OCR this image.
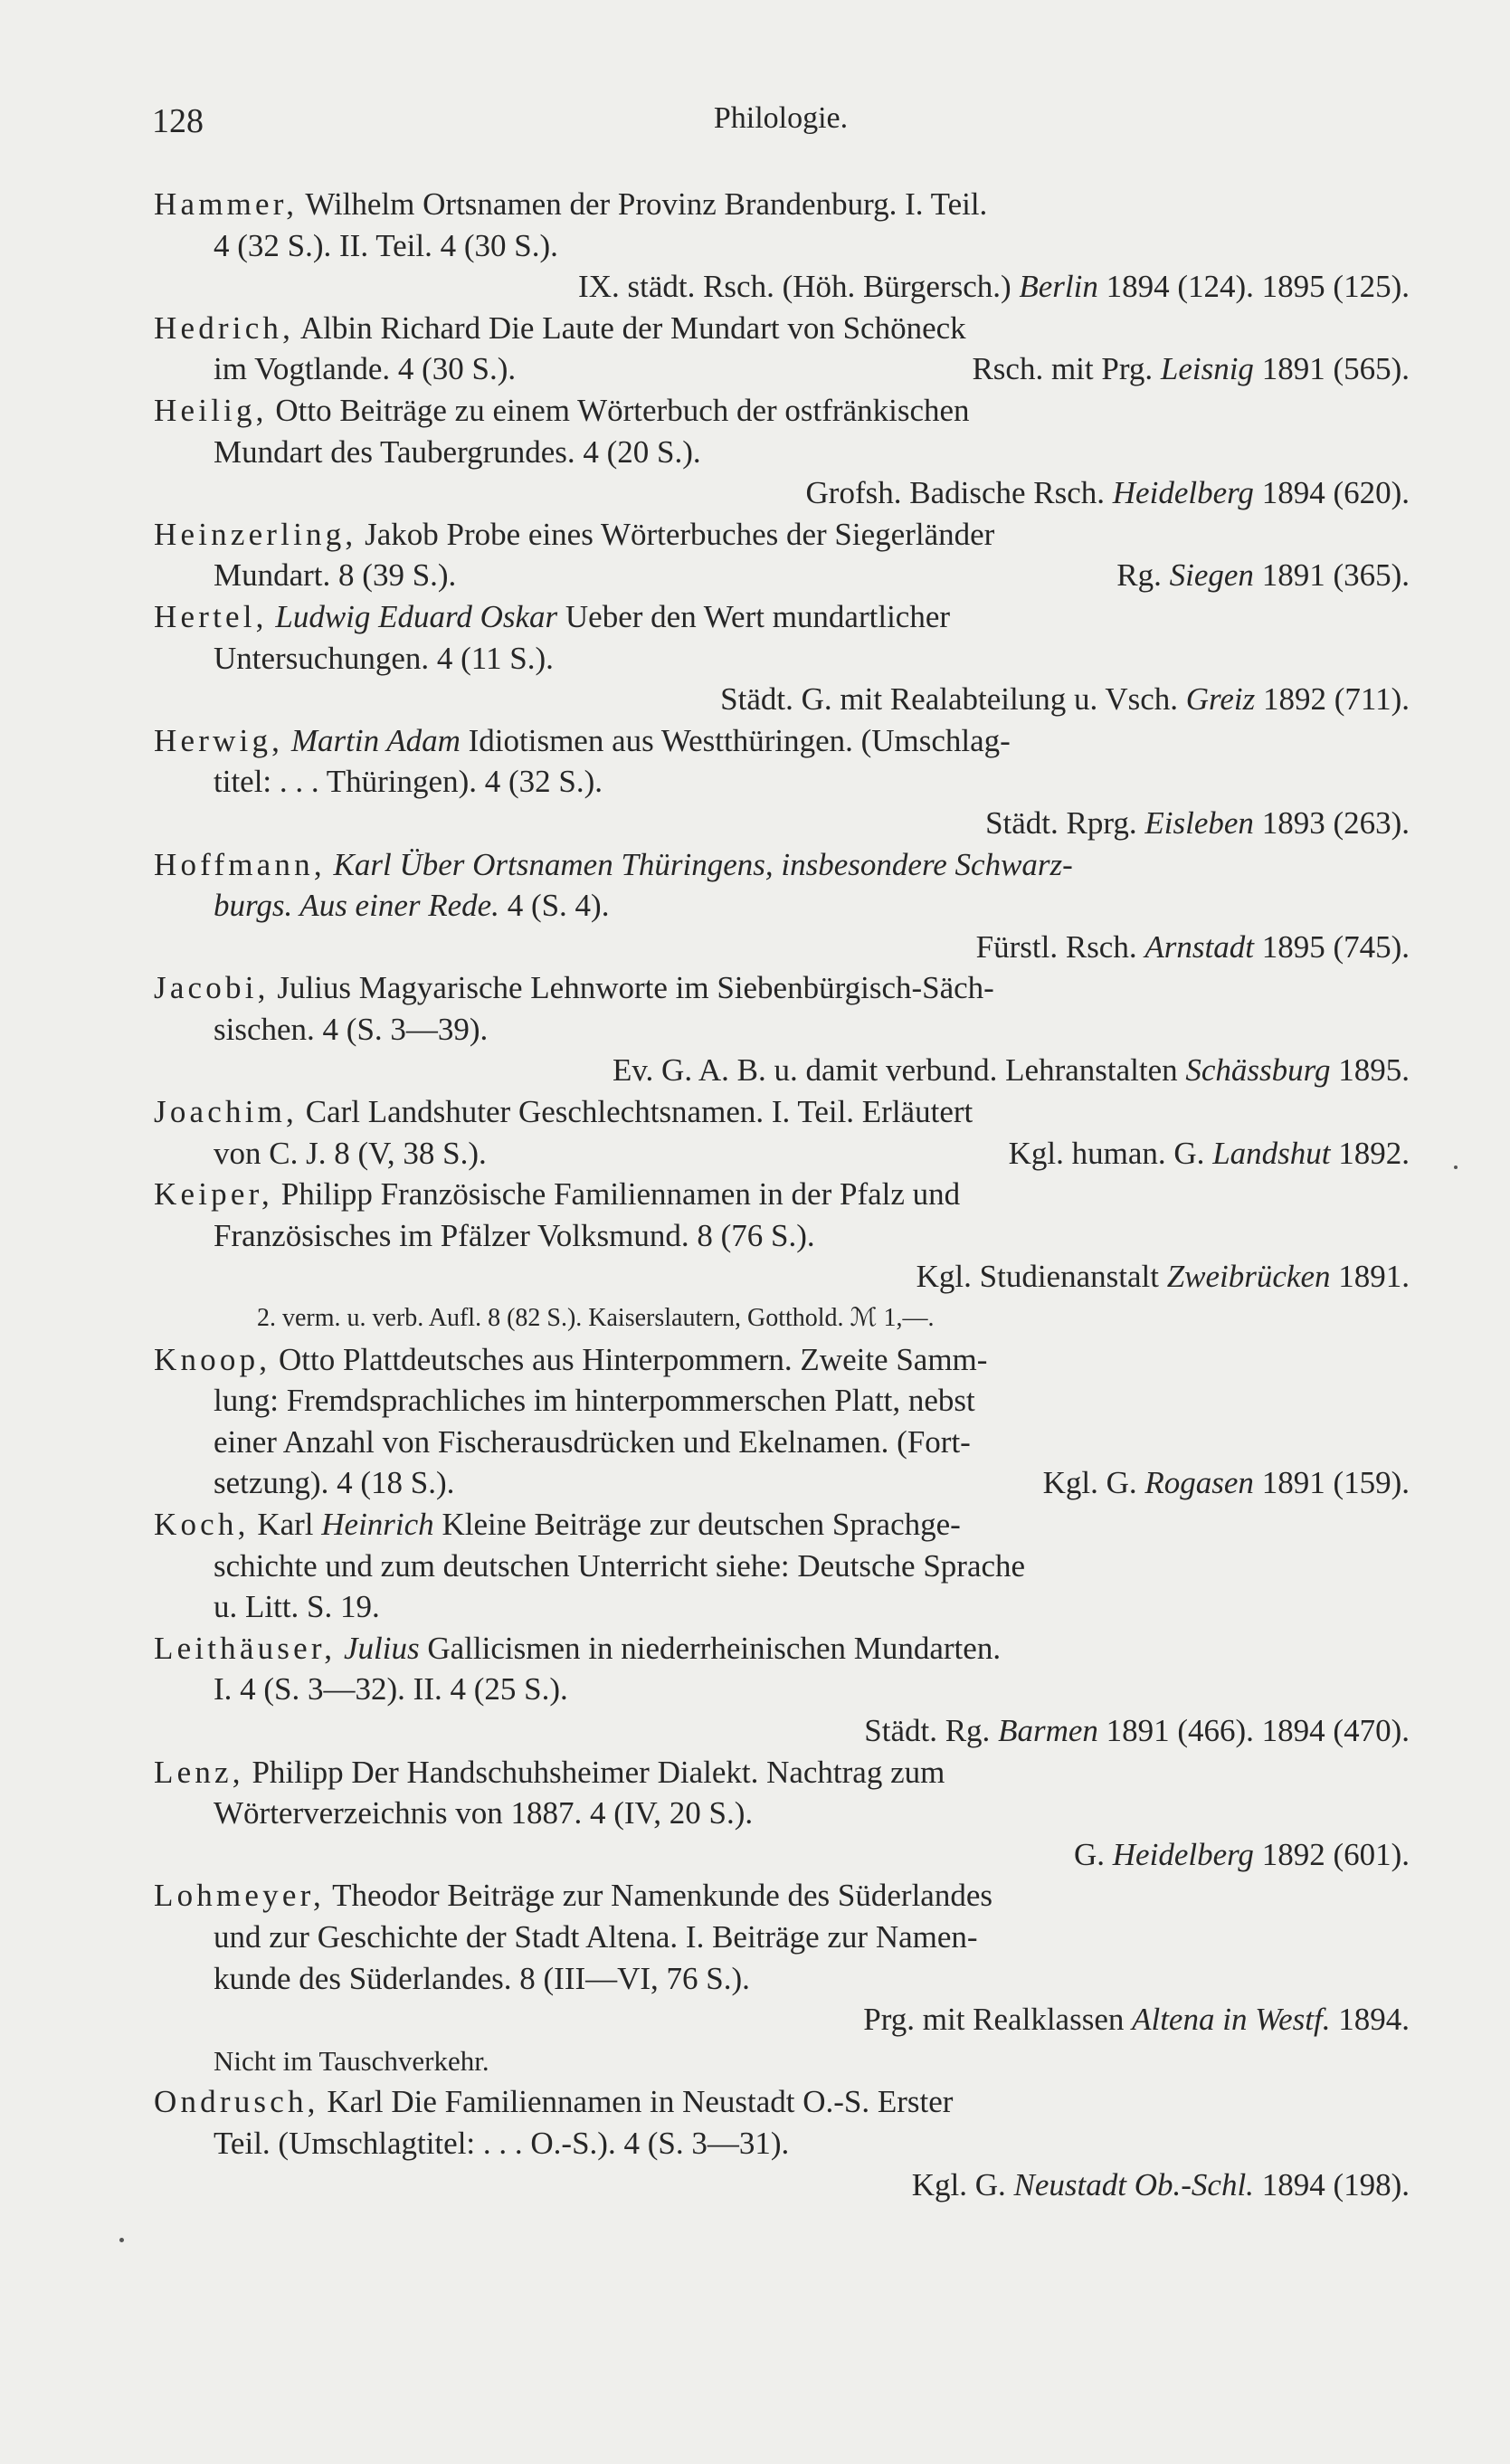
128	Philologie.
Hammer, Wilhelm Ortsnamen der Provinz Brandenburg. I. Teil.
4 (32 S.). II. Teil. 4 (30 S.).
IX. städt. Rsch. (Höh. Bürgersch.) Berlin 1894 (124). 1895 (125).
Hedrich, Albin Richard Die Laute der Mundart von Schöneck
im Vogtlande. 4 (30 S.).	Rsch. mit Prg. Leisnig 1891 (565).
Heilig, Otto Beiträge zu einem Wörterbuch der ostfränkischen
Mundart des Taubergrundes. 4 (20 S.).
Grofsh. Badische Rsch. Heidelberg 1894 (620).
Heinzerling, Jakob Probe eines Wörterbuches der Siegerländer
Mundart. 8 (39 S.).	Rg. Siegen 1891 (365).
Hertel, Ludwig Eduard Oskar Ueber den Wert mundartlicher
Untersuchungen. 4 (11 S.).
Städt. G. mit Realabteilung u. Vsch. Greiz 1892 (711).
Herwig, Martin Adam Idiotismen aus Westthüringen. (Umschlag-
titel: . . . Thüringen). 4 (32 S.).
Städt. Rprg. Eisleben 1893 (263).
Hoffmann, Karl Über Ortsnamen Thüringens, insbesondere Schwarz-
burgs. Aus einer Rede. 4 (S. 4).
Fürstl. Rsch. Arnstadt 1895 (745).
Jacobi, Julius Magyarische Lehnworte im Siebenbürgisch-Säch-
sischen. 4 (S. 3—39).
Ev. G. A. B. u. damit verbund. Lehranstalten Schässburg 1895.
Joachim, Carl Landshuter Geschlechtsnamen. I. Teil. Erläutert
von C. J. 8 (V, 38 S.).	Kgl. human. G. Landshut 1892.
Keiper, Philipp Französische Familiennamen in der Pfalz und
Französisches im Pfälzer Volksmund. 8 (76 S.).
Kgl. Studienanstalt Zweibrücken 1891.
2. verm. u. verb. Aufl. 8 (82 S.). Kaiserslautern, Gotthold. ℳ 1,—.
Knoop, Otto Plattdeutsches aus Hinterpommern. Zweite Samm-
lung: Fremdsprachliches im hinterpommerschen Platt, nebst
einer Anzahl von Fischerausdrücken und Ekelnamen. (Fort-
setzung). 4 (18 S.).	Kgl. G. Rogasen 1891 (159).
Koch, Karl Heinrich Kleine Beiträge zur deutschen Sprachge-
schichte und zum deutschen Unterricht siehe: Deutsche Sprache
u. Litt. S. 19.
Leithäuser, Julius Gallicismen in niederrheinischen Mundarten.
I. 4 (S. 3—32). II. 4 (25 S.).
Städt. Rg. Barmen 1891 (466). 1894 (470).
Lenz, Philipp Der Handschuhsheimer Dialekt. Nachtrag zum
Wörterverzeichnis von 1887. 4 (IV, 20 S.).
G. Heidelberg 1892 (601).
Lohmeyer, Theodor Beiträge zur Namenkunde des Süderlandes
und zur Geschichte der Stadt Altena. I. Beiträge zur Namen-
kunde des Süderlandes. 8 (III—VI, 76 S.).
Prg. mit Realklassen Altena in Westf. 1894.
Nicht im Tauschverkehr.
Ondrusch, Karl Die Familiennamen in Neustadt O.-S. Erster
Teil. (Umschlagtitel: . . . O.-S.). 4 (S. 3—31).
Kgl. G. Neustadt Ob.-Schl. 1894 (198).
